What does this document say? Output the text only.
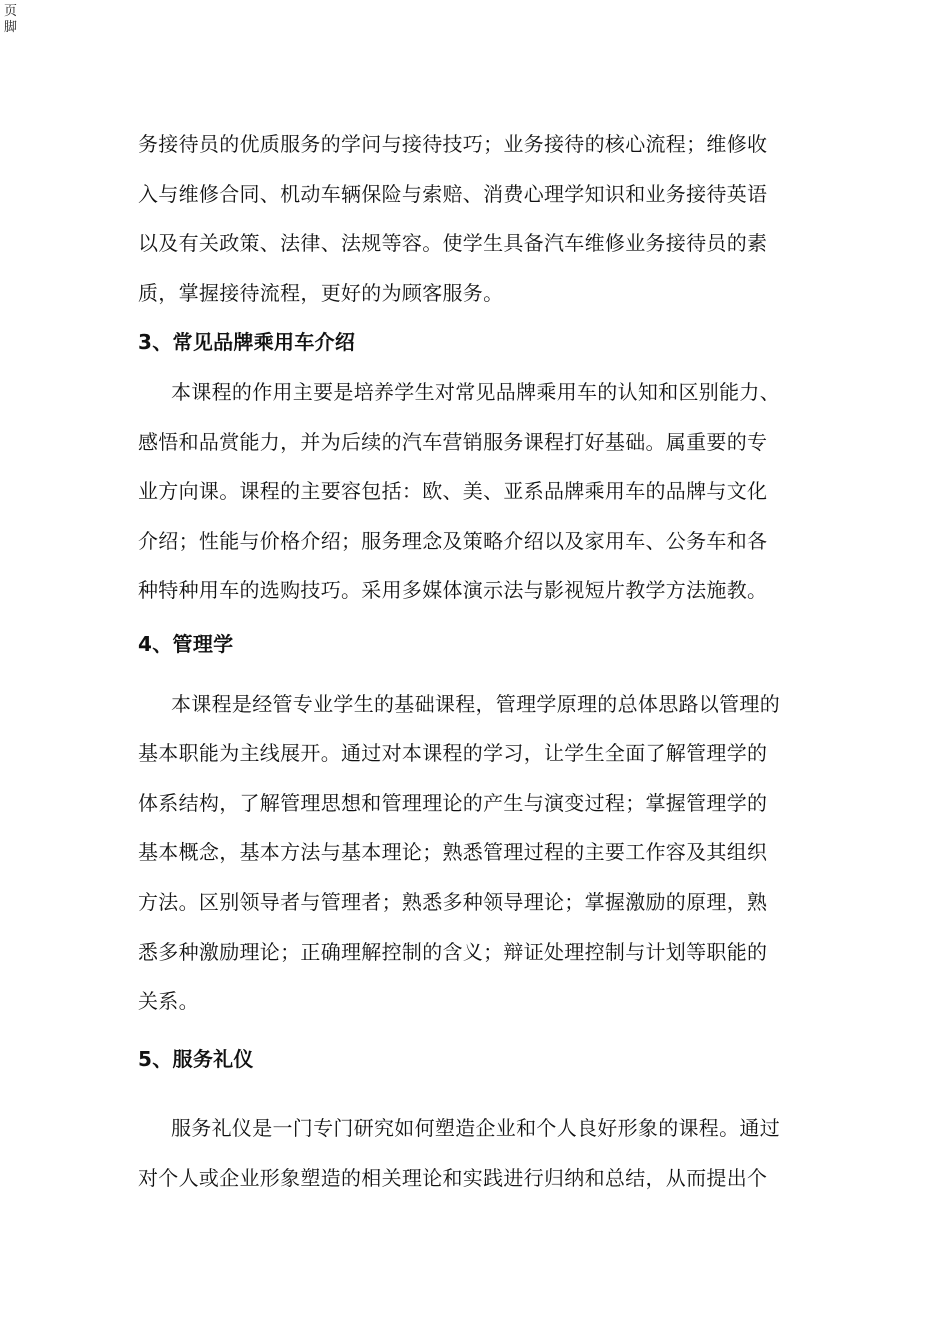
页
脚

务接待员的优质服务的学问与接待技巧；业务接待的核心流程；维修收
入与维修合同、机动车辆保险与索赔、消费心理学知识和业务接待英语
以及有关政策、法律、法规等容。使学生具备汽车维修业务接待员的素
质，掌握接待流程，更好的为顾客服务。

3、常见品牌乘用车介绍

本课程的作用主要是培养学生对常见品牌乘用车的认知和区别能力、
感悟和品赏能力，并为后续的汽车营销服务课程打好基础。属重要的专
业方向课。课程的主要容包括：欧、美、亚系品牌乘用车的品牌与文化
介绍；性能与价格介绍；服务理念及策略介绍以及家用车、公务车和各
种特种用车的选购技巧。采用多媒体演示法与影视短片教学方法施教。

4、管理学

本课程是经管专业学生的基础课程，管理学原理的总体思路以管理的
基本职能为主线展开。通过对本课程的学习，让学生全面了解管理学的
体系结构，了解管理思想和管理理论的产生与演变过程；掌握管理学的
基本概念，基本方法与基本理论；熟悉管理过程的主要工作容及其组织
方法。区别领导者与管理者；熟悉多种领导理论；掌握激励的原理，熟
悉多种激励理论；正确理解控制的含义；辩证处理控制与计划等职能的
关系。

5、服务礼仪

服务礼仪是一门专门研究如何塑造企业和个人良好形象的课程。通过
对个人或企业形象塑造的相关理论和实践进行归纳和总结，从而提出个
